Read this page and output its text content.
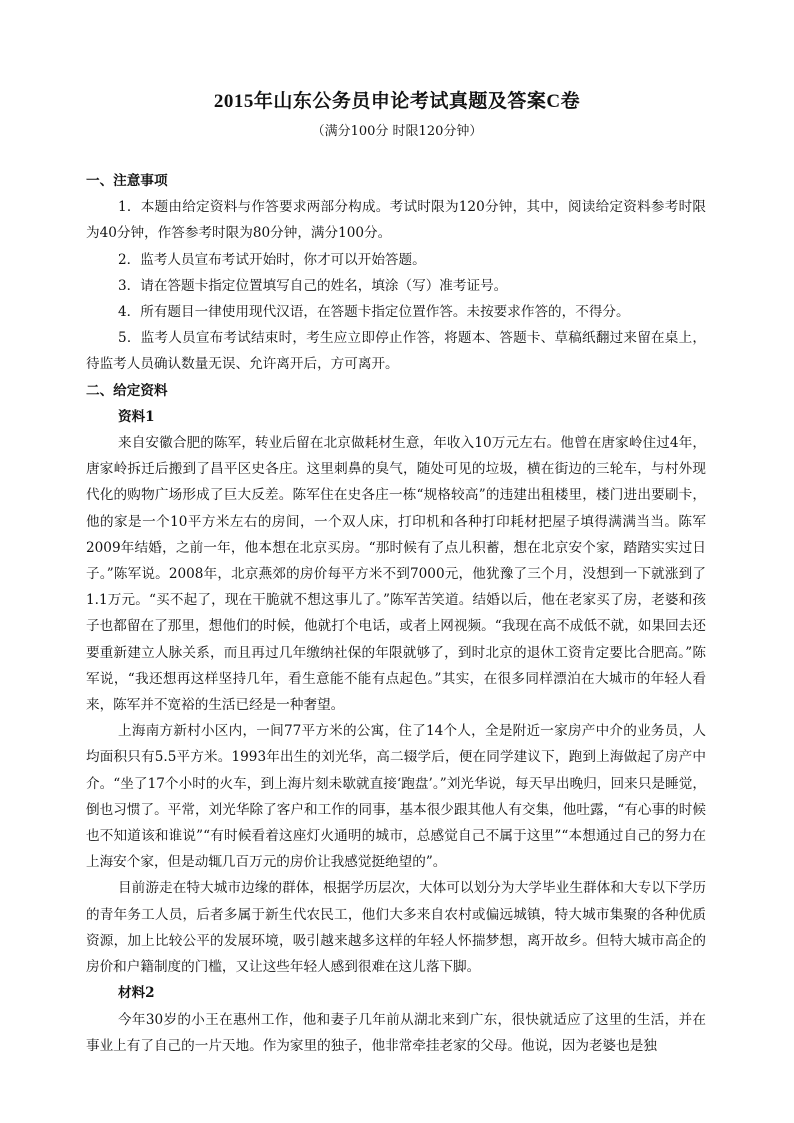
2015年山东公务员申论考试真题及答案C卷
（满分100分 时限120分钟）

一、注意事项

1．本题由给定资料与作答要求两部分构成。考试时限为120分钟，其中，阅读给定资料参考时限为40分钟，作答参考时限为80分钟，满分100分。

2．监考人员宣布考试开始时，你才可以开始答题。

3．请在答题卡指定位置填写自己的姓名，填涂（写）准考证号。

4．所有题目一律使用现代汉语，在答题卡指定位置作答。未按要求作答的，不得分。

5．监考人员宣布考试结束时，考生应立即停止作答，将题本、答题卡、草稿纸翻过来留在桌上，待监考人员确认数量无误、允许离开后，方可离开。

二、给定资料

资料1

来自安徽合肥的陈军，转业后留在北京做耗材生意，年收入10万元左右。他曾在唐家岭住过4年，唐家岭拆迁后搬到了昌平区史各庄。这里刺鼻的臭气，随处可见的垃圾，横在街边的三轮车，与村外现代化的购物广场形成了巨大反差。陈军住在史各庄一栋“规格较高”的违建出租楼里，楼门进出要刷卡，他的家是一个10平方米左右的房间，一个双人床，打印机和各种打印耗材把屋子填得满满当当。陈军2009年结婚，之前一年，他本想在北京买房。“那时候有了点儿积蓄，想在北京安个家，踏踏实实过日子。”陈军说。2008年，北京燕郊的房价每平方米不到7000元，他犹豫了三个月，没想到一下就涨到了1.1万元。“买不起了，现在干脆就不想这事儿了。”陈军苦笑道。结婚以后，他在老家买了房，老婆和孩子也都留在了那里，想他们的时候，他就打个电话，或者上网视频。“我现在高不成低不就，如果回去还要重新建立人脉关系，而且再过几年缴纳社保的年限就够了，到时北京的退休工资肯定要比合肥高。”陈军说，“我还想再这样坚持几年，看生意能不能有点起色。”其实，在很多同样漂泊在大城市的年轻人看来，陈军并不宽裕的生活已经是一种奢望。

上海南方新村小区内，一间77平方米的公寓，住了14个人，全是附近一家房产中介的业务员，人均面积只有5.5平方米。1993年出生的刘光华，高二辍学后，便在同学建议下，跑到上海做起了房产中介。“坐了17个小时的火车，到上海片刻未歇就直接‘跑盘’。”刘光华说，每天早出晚归，回来只是睡觉，倒也习惯了。平常，刘光华除了客户和工作的同事，基本很少跟其他人有交集，他吐露，“有心事的时候也不知道该和谁说”“有时候看着这座灯火通明的城市，总感觉自己不属于这里”“本想通过自己的努力在上海安个家，但是动辄几百万元的房价让我感觉挺绝望的”。

目前游走在特大城市边缘的群体，根据学历层次，大体可以划分为大学毕业生群体和大专以下学历的青年务工人员，后者多属于新生代农民工，他们大多来自农村或偏远城镇，特大城市集聚的各种优质资源，加上比较公平的发展环境，吸引越来越多这样的年轻人怀揣梦想，离开故乡。但特大城市高企的房价和户籍制度的门槛，又让这些年轻人感到很难在这儿落下脚。

材料2

今年30岁的小王在惠州工作，他和妻子几年前从湖北来到广东，很快就适应了这里的生活，并在事业上有了自己的一片天地。作为家里的独子，他非常牵挂老家的父母。他说，因为老婆也是独
